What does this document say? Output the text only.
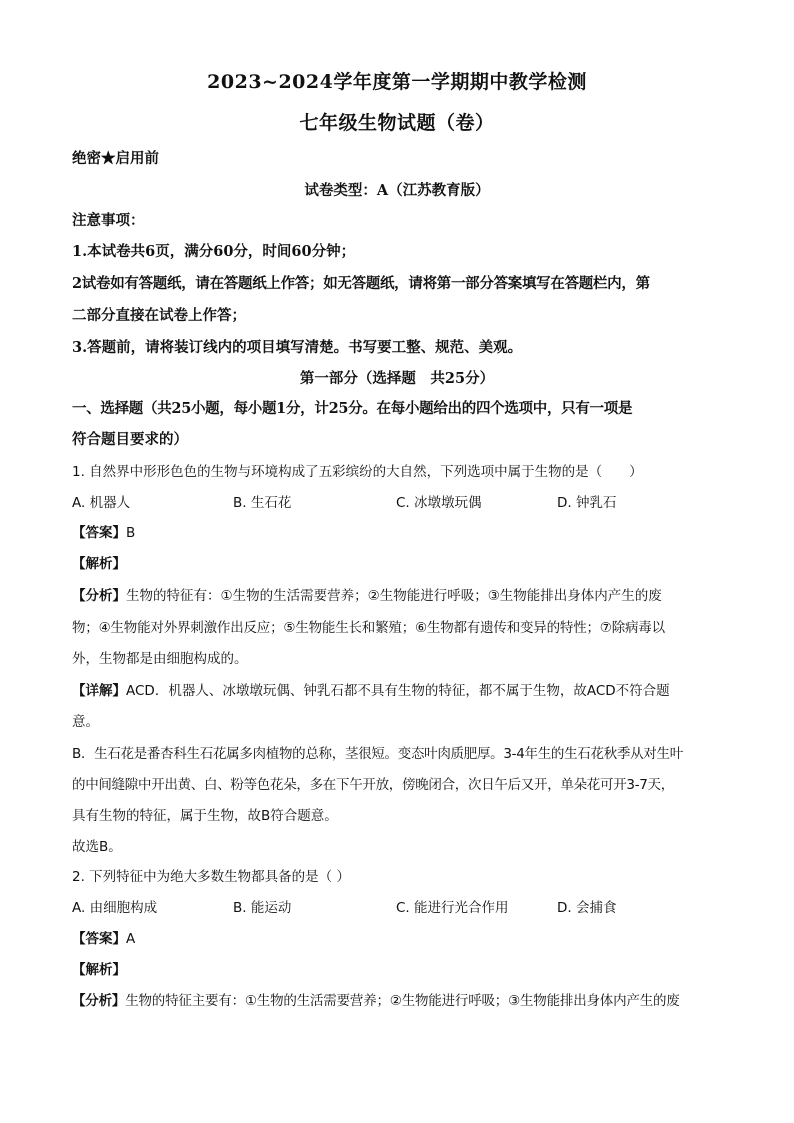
2023~2024学年度第一学期期中教学检测
七年级生物试题（卷）
绝密★启用前
试卷类型：A（江苏教育版）
注意事项：
1.本试卷共6页，满分60分，时间60分钟；
2试卷如有答题纸，请在答题纸上作答；如无答题纸，请将第一部分答案填写在答题栏内，第
二部分直接在试卷上作答；
3.答题前，请将装订线内的项目填写清楚。书写要工整、规范、美观。
第一部分（选择题　共25分）
一、选择题（共25小题，每小题1分，计25分。在每小题给出的四个选项中，只有一项是
符合题目要求的）
1. 自然界中形形色色的生物与环境构成了五彩缤纷的大自然，下列选项中属于生物的是（　　）
A. 机器人	B. 生石花	C. 冰墩墩玩偶	D. 钟乳石
【答案】B
【解析】
【分析】生物的特征有：①生物的生活需要营养；②生物能进行呼吸；③生物能排出身体内产生的废
物；④生物能对外界刺激作出反应；⑤生物能生长和繁殖；⑥生物都有遗传和变异的特性；⑦除病毒以
外，生物都是由细胞构成的。
【详解】ACD．机器人、冰墩墩玩偶、钟乳石都不具有生物的特征，都不属于生物，故ACD不符合题
意。
B．生石花是番杏科生石花属多肉植物的总称，茎很短。变态叶肉质肥厚。3-4年生的生石花秋季从对生叶
的中间缝隙中开出黄、白、粉等色花朵，多在下午开放，傍晚闭合，次日午后又开，单朵花可开3-7天，
具有生物的特征，属于生物，故B符合题意。
故选B。
2. 下列特征中为绝大多数生物都具备的是（ ）
A. 由细胞构成	B. 能运动	C. 能进行光合作用	D. 会捕食
【答案】A
【解析】
【分析】生物的特征主要有：①生物的生活需要营养；②生物能进行呼吸；③生物能排出身体内产生的废
